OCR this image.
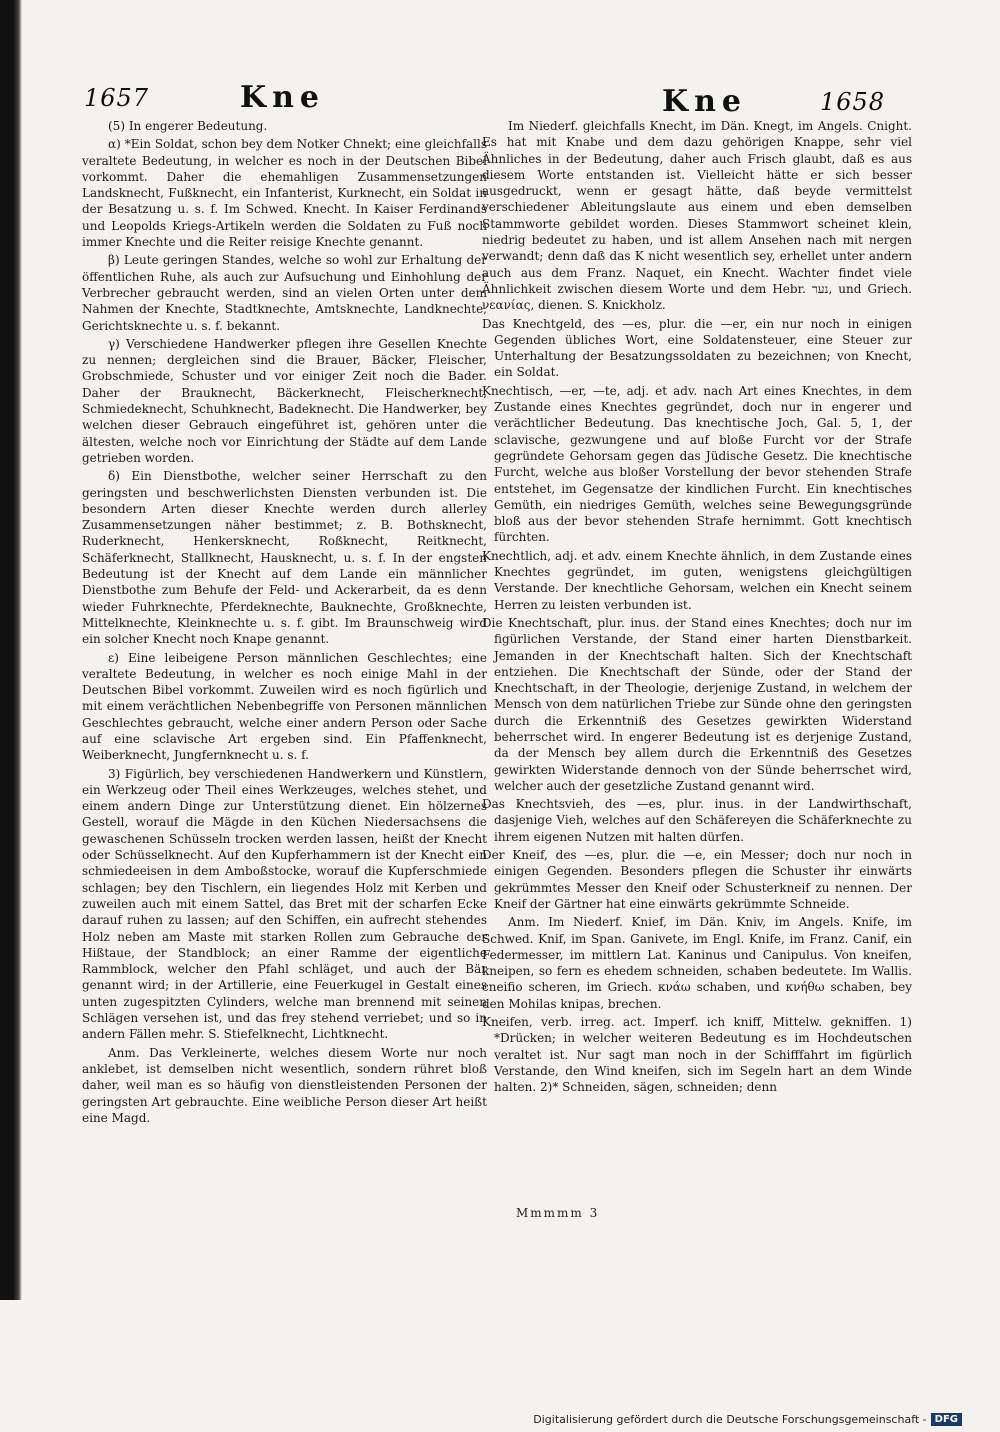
1657	Kne	Kne	1658

(5) In engerer Bedeutung.

α) *Ein Soldat, schon bey dem Notker Chnekt; eine gleichfalls veraltete Bedeutung, in welcher es noch in der Deutschen Bibel vorkommt. Daher die ehemahligen Zusammensetzungen Landsknecht, Fußknecht, ein Infanterist, Kurknecht, ein Soldat in der Besatzung u. s. f. Im Schwed. Knecht. In Kaiser Ferdinands und Leopolds Kriegs-Artikeln werden die Soldaten zu Fuß noch immer Knechte und die Reiter reisige Knechte genannt.

β) Leute geringen Standes, welche so wohl zur Erhaltung der öffentlichen Ruhe, als auch zur Aufsuchung und Einhohlung der Verbrecher gebraucht werden, sind an vielen Orten unter dem Nahmen der Knechte, Stadtknechte, Amtsknechte, Landknechte, Gerichtsknechte u. s. f. bekannt.

γ) Verschiedene Handwerker pflegen ihre Gesellen Knechte zu nennen; dergleichen sind die Brauer, Bäcker, Fleischer, Grobschmiede, Schuster und vor einiger Zeit noch die Bader. Daher der Brauknecht, Bäckerknecht, Fleischerknecht, Schmiedeknecht, Schuhknecht, Badeknecht. Die Handwerker, bey welchen dieser Gebrauch eingeführet ist, gehören unter die ältesten, welche noch vor Einrichtung der Städte auf dem Lande getrieben worden.

δ) Ein Dienstbothe, welcher seiner Herrschaft zu den geringsten und beschwerlichsten Diensten verbunden ist. Die besondern Arten dieser Knechte werden durch allerley Zusammensetzungen näher bestimmet; z. B. Bothsknecht, Ruderknecht, Henkersknecht, Roßknecht, Reitknecht, Schäferknecht, Stallknecht, Hausknecht, u. s. f. In der engsten Bedeutung ist der Knecht auf dem Lande ein männlicher Dienstbothe zum Behufe der Feld- und Ackerarbeit, da es denn wieder Fuhrknechte, Pferdeknechte, Bauknechte, Großknechte, Mittelknechte, Kleinknechte u. s. f. gibt. Im Braunschweig wird ein solcher Knecht noch Knape genannt.

ε) Eine leibeigene Person männlichen Geschlechtes; eine veraltete Bedeutung, in welcher es noch einige Mahl in der Deutschen Bibel vorkommt. Zuweilen wird es noch figürlich und mit einem verächtlichen Nebenbegriffe von Personen männlichen Geschlechtes gebraucht, welche einer andern Person oder Sache auf eine sclavische Art ergeben sind. Ein Pfaffenknecht, Weiberknecht, Jungfernknecht u. s. f.

3) Figürlich, bey verschiedenen Handwerkern und Künstlern, ein Werkzeug oder Theil eines Werkzeuges, welches stehet, und einem andern Dinge zur Unterstützung dienet. Ein hölzernes Gestell, worauf die Mägde in den Küchen Niedersachsens die gewaschenen Schüsseln trocken werden lassen, heißt der Knecht oder Schüsselknecht. Auf den Kupferhammern ist der Knecht ein schmiedeeisen in dem Amboßstocke, worauf die Kupferschmiede schlagen; bey den Tischlern, ein liegendes Holz mit Kerben und zuweilen auch mit einem Sattel, das Bret mit der scharfen Ecke darauf ruhen zu lassen; auf den Schiffen, ein aufrecht stehendes Holz neben am Maste mit starken Rollen zum Gebrauche der Hißtaue, der Standblock; an einer Ramme der eigentliche Rammblock, welcher den Pfahl schläget, und auch der Bär genannt wird; in der Artillerie, eine Feuerkugel in Gestalt eines unten zugespitzten Cylinders, welche man brennend mit seinen Schlägen versehen ist, und das frey stehend verriebet; und so in andern Fällen mehr. S. Stiefelknecht, Lichtknecht.

Anm. Das Verkleinerte, welches diesem Worte nur noch anklebet, ist demselben nicht wesentlich, sondern rühret bloß daher, weil man es so häufig von dienstleistenden Personen der geringsten Art gebrauchte. Eine weibliche Person dieser Art heißt eine Magd.

Im Niederf. gleichfalls Knecht, im Dän. Knegt, im Angels. Cnight. Es hat mit Knabe und dem dazu gehörigen Knappe, sehr viel Ähnliches in der Bedeutung, daher auch Frisch glaubt, daß es aus diesem Worte entstanden ist. Vielleicht hätte er sich besser ausgedruckt, wenn er gesagt hätte, daß beyde vermittelst verschiedener Ableitungslaute aus einem und eben demselben Stammworte gebildet worden. Dieses Stammwort scheinet klein, niedrig bedeutet zu haben, und ist allem Ansehen nach mit nergen verwandt; denn daß das K nicht wesentlich sey, erhellet unter andern auch aus dem Franz. Naquet, ein Knecht. Wachter findet viele Ähnlichkeit zwischen diesem Worte und dem Hebr. נער, und Griech. νεανίας, dienen. S. Knickholz.

Das Knechtgeld, des —es, plur. die —er, ein nur noch in einigen Gegenden übliches Wort, eine Soldatensteuer, eine Steuer zur Unterhaltung der Besatzungssoldaten zu bezeichnen; von Knecht, ein Soldat.

Knechtisch, —er, —te, adj. et adv. nach Art eines Knechtes, in dem Zustande eines Knechtes gegründet, doch nur in engerer und verächtlicher Bedeutung. Das knechtische Joch, Gal. 5, 1, der sclavische, gezwungene und auf bloße Furcht vor der Strafe gegründete Gehorsam gegen das Jüdische Gesetz. Die knechtische Furcht, welche aus bloßer Vorstellung der bevor stehenden Strafe entstehet, im Gegensatze der kindlichen Furcht. Ein knechtisches Gemüth, ein niedriges Gemüth, welches seine Bewegungsgründe bloß aus der bevor stehenden Strafe hernimmt. Gott knechtisch fürchten.

Knechtlich, adj. et adv. einem Knechte ähnlich, in dem Zustande eines Knechtes gegründet, im guten, wenigstens gleichgültigen Verstande. Der knechtliche Gehorsam, welchen ein Knecht seinem Herren zu leisten verbunden ist.

Die Knechtschaft, plur. inus. der Stand eines Knechtes; doch nur im figürlichen Verstande, der Stand einer harten Dienstbarkeit. Jemanden in der Knechtschaft halten. Sich der Knechtschaft entziehen. Die Knechtschaft der Sünde, oder der Stand der Knechtschaft, in der Theologie, derjenige Zustand, in welchem der Mensch von dem natürlichen Triebe zur Sünde ohne den geringsten durch die Erkenntniß des Gesetzes gewirkten Widerstand beherrschet wird. In engerer Bedeutung ist es derjenige Zustand, da der Mensch bey allem durch die Erkenntniß des Gesetzes gewirkten Widerstande dennoch von der Sünde beherrschet wird, welcher auch der gesetzliche Zustand genannt wird.

Das Knechtsvieh, des —es, plur. inus. in der Landwirthschaft, dasjenige Vieh, welches auf den Schäfereyen die Schäferknechte zu ihrem eigenen Nutzen mit halten dürfen.

Der Kneif, des —es, plur. die —e, ein Messer; doch nur noch in einigen Gegenden. Besonders pflegen die Schuster ihr einwärts gekrümmtes Messer den Kneif oder Schusterkneif zu nennen. Der Kneif der Gärtner hat eine einwärts gekrümmte Schneide.

Anm. Im Niederf. Knief, im Dän. Kniv, im Angels. Knife, im Schwed. Knif, im Span. Ganivete, im Engl. Knife, im Franz. Canif, ein Federmesser, im mittlern Lat. Kaninus und Canipulus. Von kneifen, kneipen, so fern es ehedem schneiden, schaben bedeutete. Im Wallis. cneifio scheren, im Griech. κνάω schaben, und κνήθω schaben, bey den Mohilas knipas, brechen.

Kneifen, verb. irreg. act. Imperf. ich kniff, Mittelw. gekniffen. 1) *Drücken; in welcher weiteren Bedeutung es im Hochdeutschen veraltet ist. Nur sagt man noch in der Schifffahrt im figürlich Verstande, den Wind kneifen, sich im Segeln hart an dem Winde halten. 2)* Schneiden, sägen, schneiden; denn

Mmmmm 3
Digitalisierung gefördert durch die Deutsche Forschungsgemeinschaft - DFG
